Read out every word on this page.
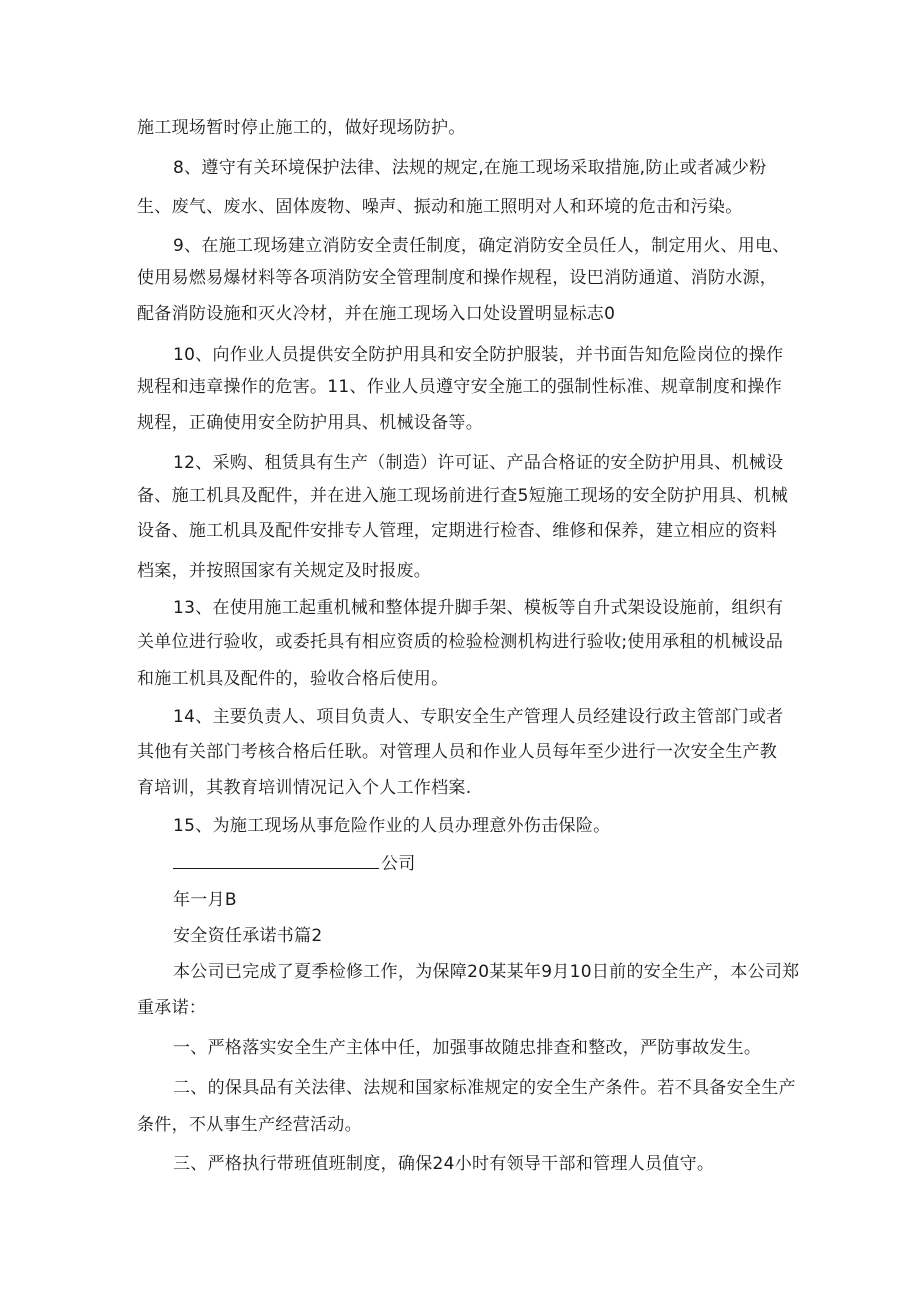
施工现场暂时停止施工的，做好现场防护。
8、遵守有关环境保护法律、法规的规定,在施工现场采取措施,防止或者减少粉
生、废气、废水、固体废物、噪声、振动和施工照明对人和环境的危击和污染。
9、在施工现场建立消防安全责任制度，确定消防安全员任人，制定用火、用电、
使用易燃易爆材料等各项消防安全管理制度和操作规程，设巴消防通道、消防水源，
配备消防设施和灭火冷材，并在施工现场入口处设置明显标志0
10、向作业人员提供安全防护用具和安全防护服装，并书面告知危险岗位的操作
规程和违章操作的危害。11、作业人员遵守安全施工的强制性标准、规章制度和操作
规程，正确使用安全防护用具、机械设备等。
12、采购、租赁具有生产（制造）许可证、产品合格证的安全防护用具、机械设
备、施工机具及配件，并在进入施工现场前进行查5短施工现场的安全防护用具、机械
设备、施工机具及配件安排专人管理，定期进行检杳、维修和保养，建立相应的资料
档案，并按照国家有关规定及时报废。
13、在使用施工起重机械和整体提升脚手架、模板等自升式架设设施前，组织有
关单位进行验收，或委托具有相应资质的检验检测机构进行验收;使用承租的机械设品
和施工机具及配件的，验收合格后使用。
14、主要负责人、项目负责人、专职安全生产管理人员经建设行政主管部门或者
其他有关部门考核合格后任耿。对管理人员和作业人员每年至少进行一次安全生产教
育培训，其教育培训情况记入个人工作档案.
15、为施工现场从事危险作业的人员办理意外伤击保险。
公司
年一月B
安全资任承诺书篇2
本公司已完成了夏季检修工作，为保障20某某年9月10日前的安全生产，本公司郑
重承诺：
一、严格落实安全生产主体中任，加强事故随忠排查和整改，严防事故发生。
二、的保具品有关法律、法规和国家标准规定的安全生产条件。若不具备安全生产
条件，不从事生产经营活动。
三、严格执行带班值班制度，确保24小时有领导干部和管理人员值守。
